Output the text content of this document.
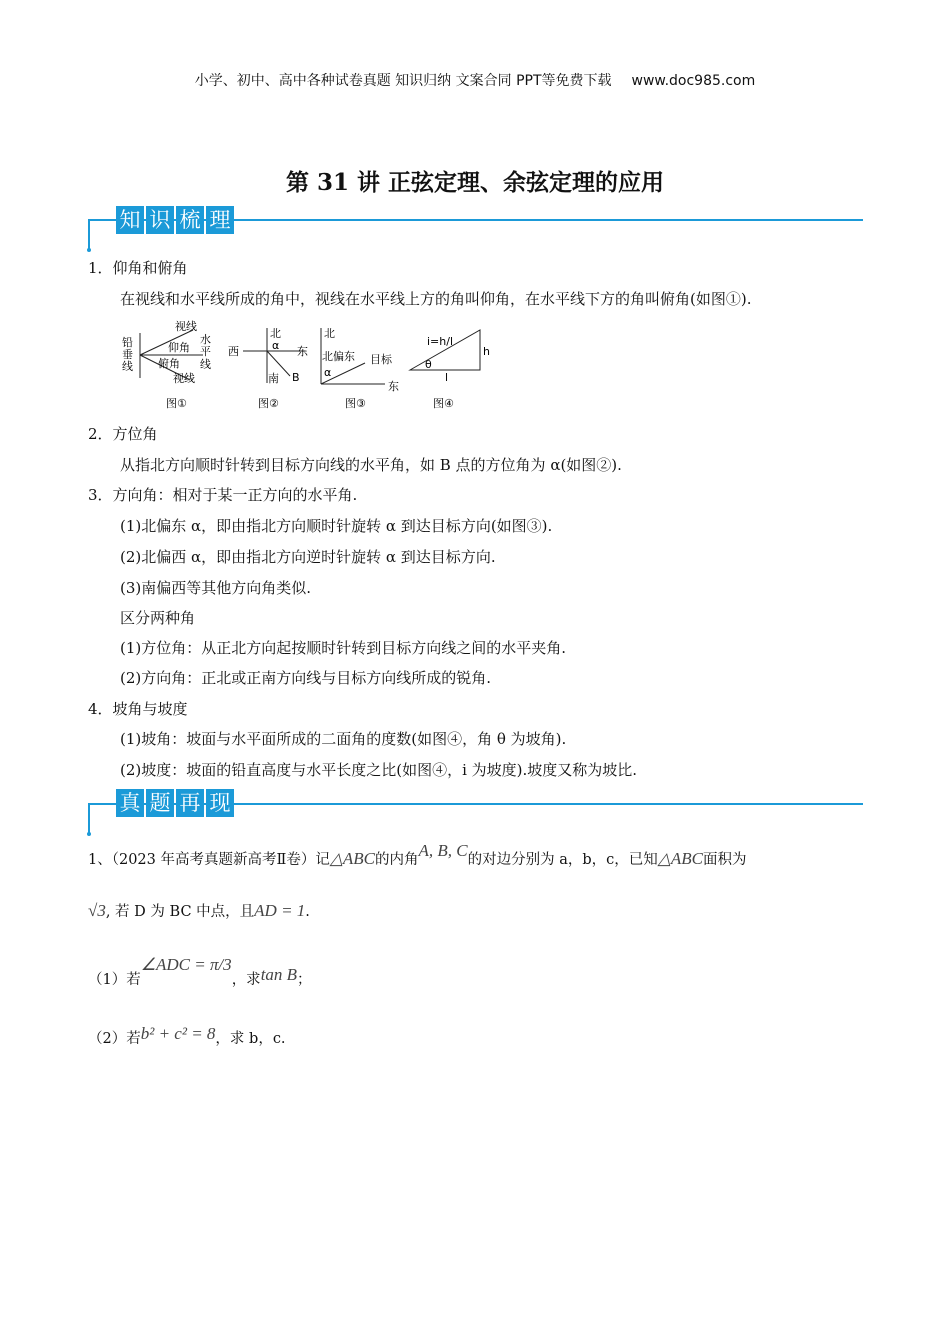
小学、初中、高中各种试卷真题 知识归纳 文案合同 PPT等免费下载 www.doc985.com
第 31 讲 正弦定理、余弦定理的应用
知 识 梳 理
1．仰角和俯角
在视线和水平线所成的角中，视线在水平线上方的角叫仰角，在水平线下方的角叫俯角(如图①).
视线
铅
垂
线
仰角
俯角
水
平
线
视线
图①
北
西	α 东
南 B
图②
北
北偏东 目标
α
东
图③
i=h/l
h
θ
l
图④
2．方位角
从指北方向顺时针转到目标方向线的水平角，如 B 点的方位角为 α(如图②).
3．方向角：相对于某一正方向的水平角.
(1)北偏东 α，即由指北方向顺时针旋转 α 到达目标方向(如图③).
(2)北偏西 α，即由指北方向逆时针旋转 α 到达目标方向.
(3)南偏西等其他方向角类似.
区分两种角
(1)方位角：从正北方向起按顺时针转到目标方向线之间的水平夹角.
(2)方向角：正北或正南方向线与目标方向线所成的锐角.
4．坡角与坡度
(1)坡角：坡面与水平面所成的二面角的度数(如图④，角 θ 为坡角).
(2)坡度：坡面的铅直高度与水平长度之比(如图④，i 为坡度).坡度又称为坡比.
真 题 再 现
1、（2023 年高考真题新高考Ⅱ卷）记△ABC的内角A, B, C的对边分别为 a，b，c，已知△ABC面积为
√3, 若 D 为 BC 中点，且AD = 1.
（1）若∠ADC = π/3，求tan B；
（2）若b² + c² = 8，求 b，c.
